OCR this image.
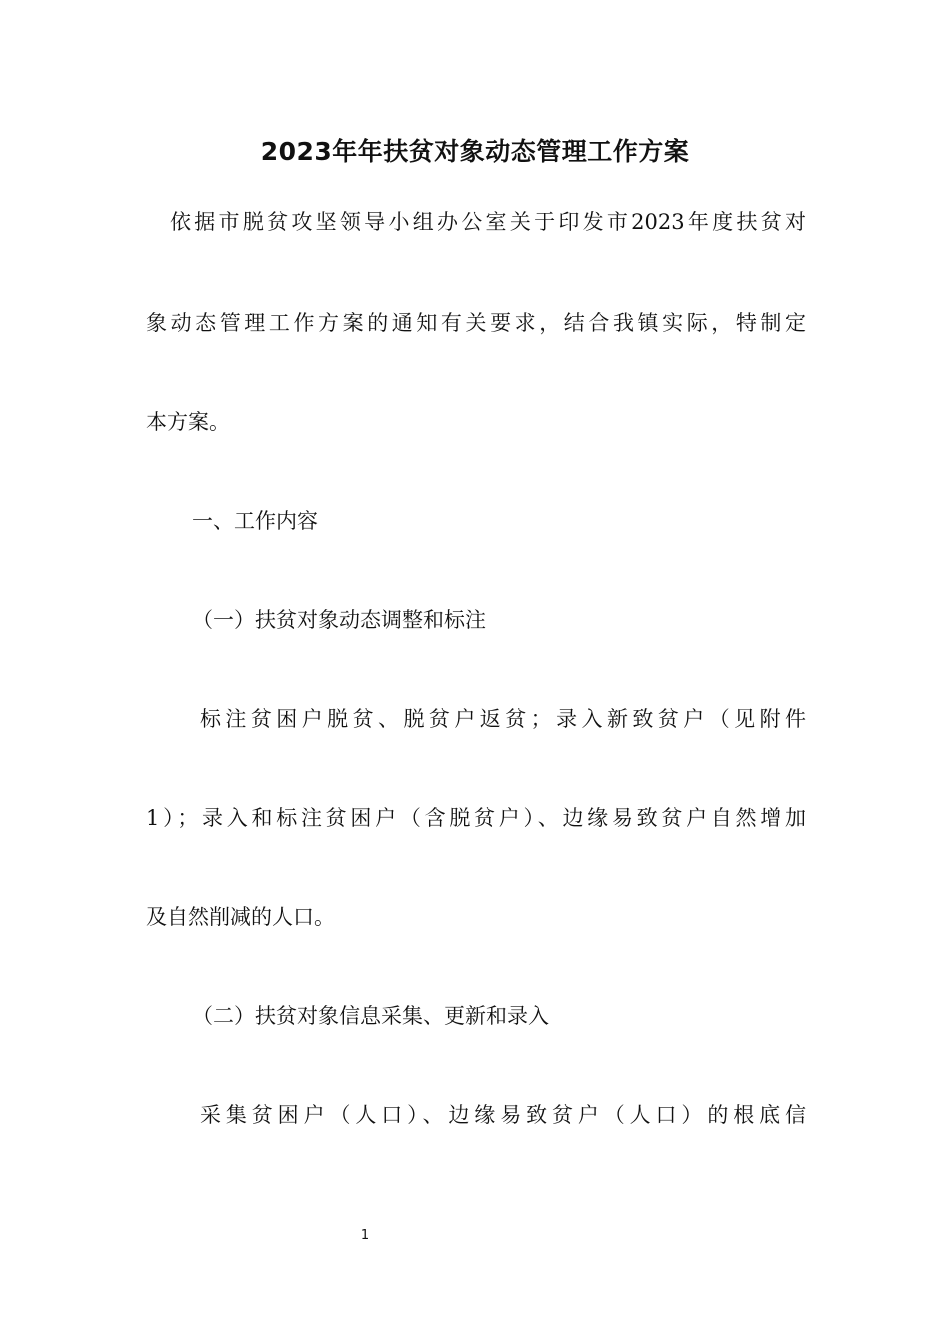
2023年年扶贫对象动态管理工作方案
依据市脱贫攻坚领导小组办公室关于印发市2023年度扶贫对
象动态管理工作方案的通知有关要求，结合我镇实际，特制定
本方案。
一、工作内容
（一）扶贫对象动态调整和标注
标注贫困户脱贫、脱贫户返贫；录入新致贫户（见附件
1）；录入和标注贫困户（含脱贫户）、边缘易致贫户自然增加
及自然削减的人口。
（二）扶贫对象信息采集、更新和录入
采集贫困户（人口）、边缘易致贫户（人口）的根底信
1
